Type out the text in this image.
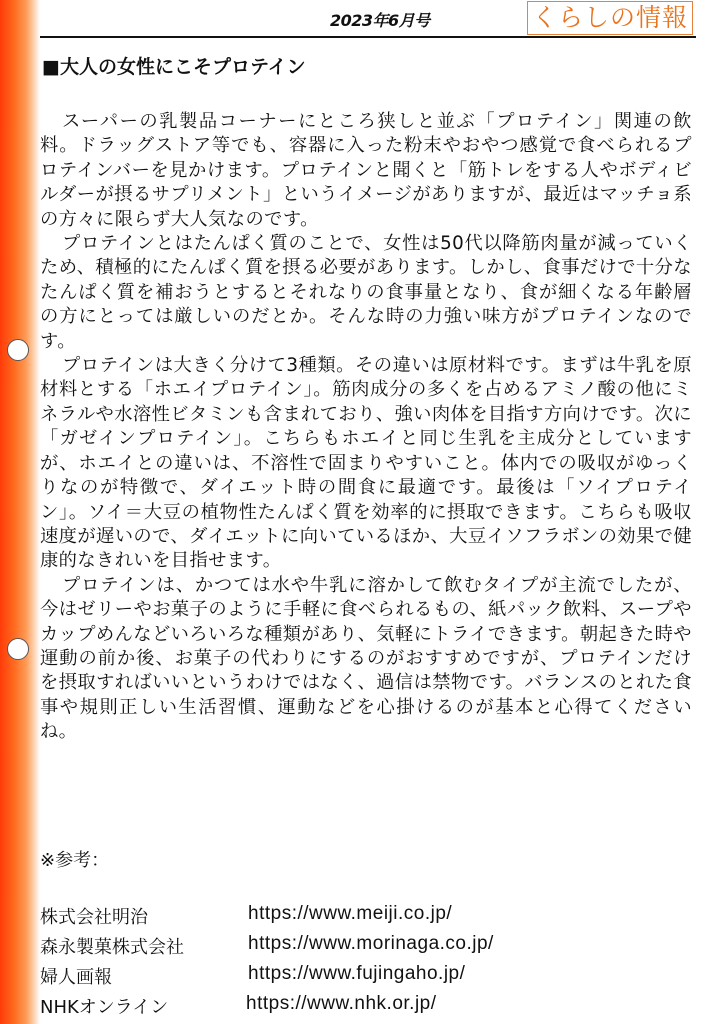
2023年6月号	くらしの情報
■大人の女性にこそプロテイン

スーパーの乳製品コーナーにところ狭しと並ぶ「プロテイン」関連の飲料。ドラッグストア等でも、容器に入った粉末やおやつ感覚で食べられるプロテインバーを見かけます。プロテインと聞くと「筋トレをする人やボディビルダーが摂るサプリメント」というイメージがありますが、最近はマッチョ系の方々に限らず大人気なのです。

プロテインとはたんぱく質のことで、女性は50代以降筋肉量が減っていくため、積極的にたんぱく質を摂る必要があります。しかし、食事だけで十分なたんぱく質を補おうとするとそれなりの食事量となり、食が細くなる年齢層の方にとっては厳しいのだとか。そんな時の力強い味方がプロテインなのです。

プロテインは大きく分けて3種類。その違いは原材料です。まずは牛乳を原材料とする「ホエイプロテイン」。筋肉成分の多くを占めるアミノ酸の他にミネラルや水溶性ビタミンも含まれており、強い肉体を目指す方向けです。次に「ガゼインプロテイン」。こちらもホエイと同じ生乳を主成分としていますが、ホエイとの違いは、不溶性で固まりやすいこと。体内での吸収がゆっくりなのが特徴で、ダイエット時の間食に最適です。最後は「ソイプロテイン」。ソイ＝大豆の植物性たんぱく質を効率的に摂取できます。こちらも吸収速度が遅いので、ダイエットに向いているほか、大豆イソフラボンの効果で健康的なきれいを目指せます。

プロテインは、かつては水や牛乳に溶かして飲むタイプが主流でしたが、今はゼリーやお菓子のように手軽に食べられるもの、紙パック飲料、スープやカップめんなどいろいろな種類があり、気軽にトライできます。朝起きた時や運動の前か後、お菓子の代わりにするのがおすすめですが、プロテインだけを摂取すればいいというわけではなく、過信は禁物です。バランスのとれた食事や規則正しい生活習慣、運動などを心掛けるのが基本と心得てくださいね。

※参考：
株式会社明治	https://www.meiji.co.jp/
森永製菓株式会社	https://www.morinaga.co.jp/
婦人画報	https://www.fujingaho.jp/
NHKオンライン	https://www.nhk.or.jp/
